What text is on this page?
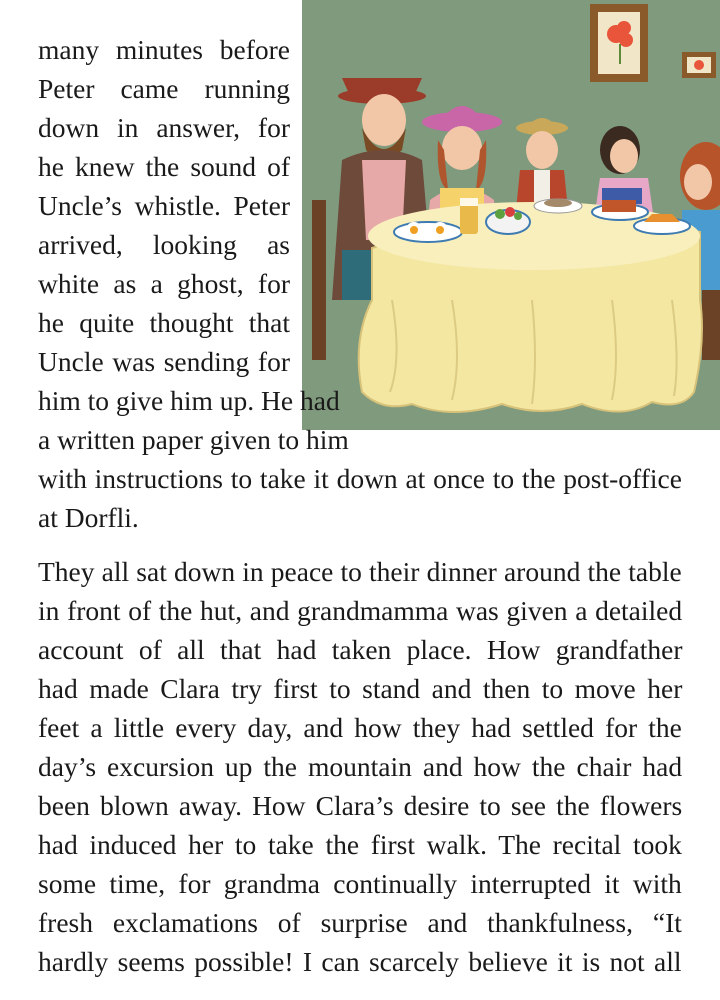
many minutes before
Peter came running
down in answer, for
he knew the sound of
Uncle’s whistle. Peter
arrived, looking as
white as a ghost, for
he quite thought that
Uncle was sending for
him to give him up. He had
a written paper given to him
with instructions to take it down at once to the post-office
at Dorfli.
They all sat down in peace to their dinner around the table
in front of the hut, and grandmamma was given a detailed
account of all that had taken place. How grandfather
had made Clara try first to stand and then to move her
feet a little every day, and how they had settled for the
day’s excursion up the mountain and how the chair had
been blown away. How Clara’s desire to see the flowers
had induced her to take the first walk. The recital took
some time, for grandma continually interrupted it with
fresh exclamations of surprise and thankfulness, “It
hardly seems possible! I can scarcely believe it is not all
